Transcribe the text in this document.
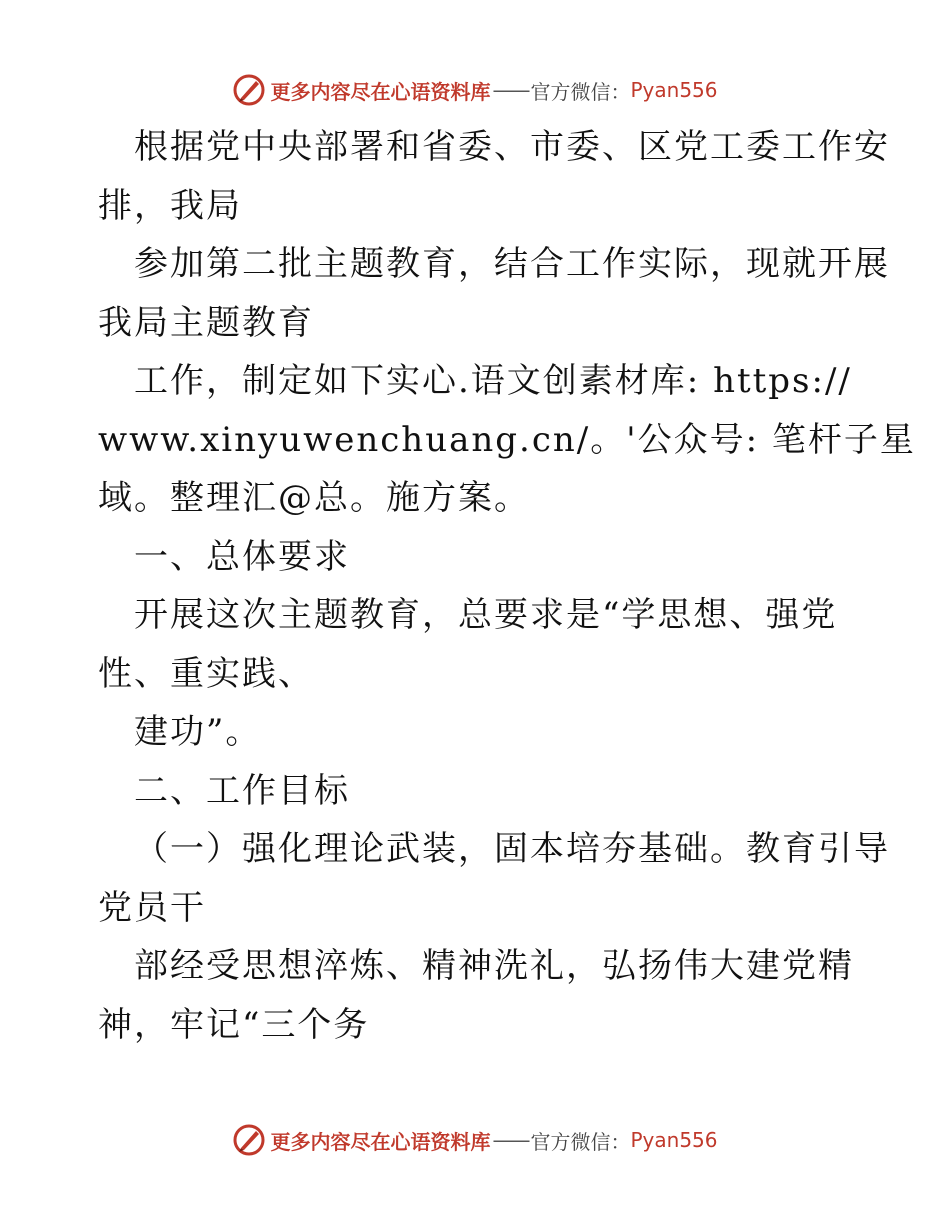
更多内容尽在心语资料库 —— 官方微信： Pyan556

根据党中央部署和省委、市委、区党工委工作安

排，我局

参加第二批主题教育，结合工作实际，现就开展

我局主题教育

工作，制定如下实心.语文创素材库: https://

www.xinyuwenchuang.cn/。'公众号: 笔杆子星

域。整理汇@总。施方案。

一、总体要求

开展这次主题教育，总要求是“学思想、强党

性、重实践、

建功”。

二、工作目标

（一）强化理论武装，固本培夯基础。教育引导

党员干

部经受思想淬炼、精神洗礼，弘扬伟大建党精

神，牢记“三个务

更多内容尽在心语资料库 —— 官方微信： Pyan556
